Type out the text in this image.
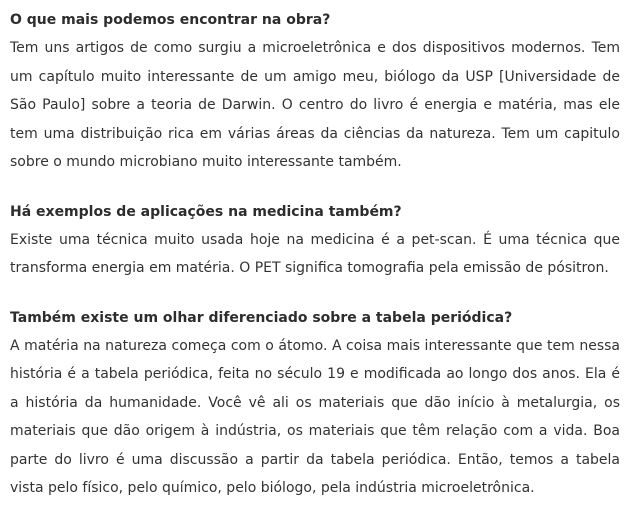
O que mais podemos encontrar na obra?

Tem uns artigos de como surgiu a microeletrônica e dos dispositivos modernos. Tem um capítulo muito interessante de um amigo meu, biólogo da USP [Universidade de São Paulo] sobre a teoria de Darwin. O centro do livro é energia e matéria, mas ele tem uma distribuição rica em várias áreas da ciências da natureza. Tem um capitulo sobre o mundo microbiano muito interessante também.

Há exemplos de aplicações na medicina também?

Existe uma técnica muito usada hoje na medicina é a pet-scan. É uma técnica que transforma energia em matéria. O PET significa tomografia pela emissão de pósitron.

Também existe um olhar diferenciado sobre a tabela periódica?

A matéria na natureza começa com o átomo. A coisa mais interessante que tem nessa história é a tabela periódica, feita no século 19 e modificada ao longo dos anos. Ela é a história da humanidade. Você vê ali os materiais que dão início à metalurgia, os materiais que dão origem à indústria, os materiais que têm relação com a vida. Boa parte do livro é uma discussão a partir da tabela periódica. Então, temos a tabela vista pelo físico, pelo químico, pelo biólogo, pela indústria microeletrônica.
